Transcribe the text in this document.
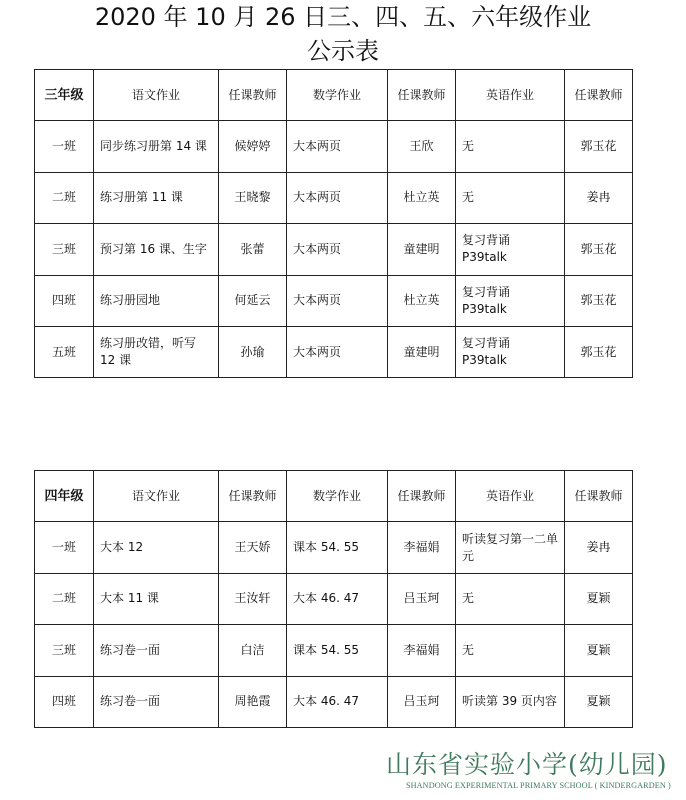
2020 年 10 月 26 日三、四、五、六年级作业
公示表
三年级	语文作业	任课教师	数学作业	任课教师	英语作业	任课教师
一班	同步练习册第 14 课	候婷婷	大本两页	王欣	无	郭玉花
二班	练习册第 11 课	王晓黎	大本两页	杜立英	无	姜冉
三班	预习第 16 课、生字	张蕾	大本两页	童建明	复习背诵 P39talk	郭玉花
四班	练习册园地	何延云	大本两页	杜立英	复习背诵 P39talk	郭玉花
五班	练习册改错，听写 12 课	孙瑜	大本两页	童建明	复习背诵 P39talk	郭玉花
四年级	语文作业	任课教师	数学作业	任课教师	英语作业	任课教师
一班	大本 12	王天娇	课本 54. 55	李福娟	听读复习第一二单元	姜冉
二班	大本 11 课	王汝轩	大本 46. 47	吕玉珂	无	夏颖
三班	练习卷一面	白洁	课本 54. 55	李福娟	无	夏颖
四班	练习卷一面	周艳霞	大本 46. 47	吕玉珂	听读第 39 页内容	夏颖
山东省实验小学(幼儿园)
SHANDONG EXPERIMENTAL PRIMARY SCHOOL ( KINDERGARDEN )
